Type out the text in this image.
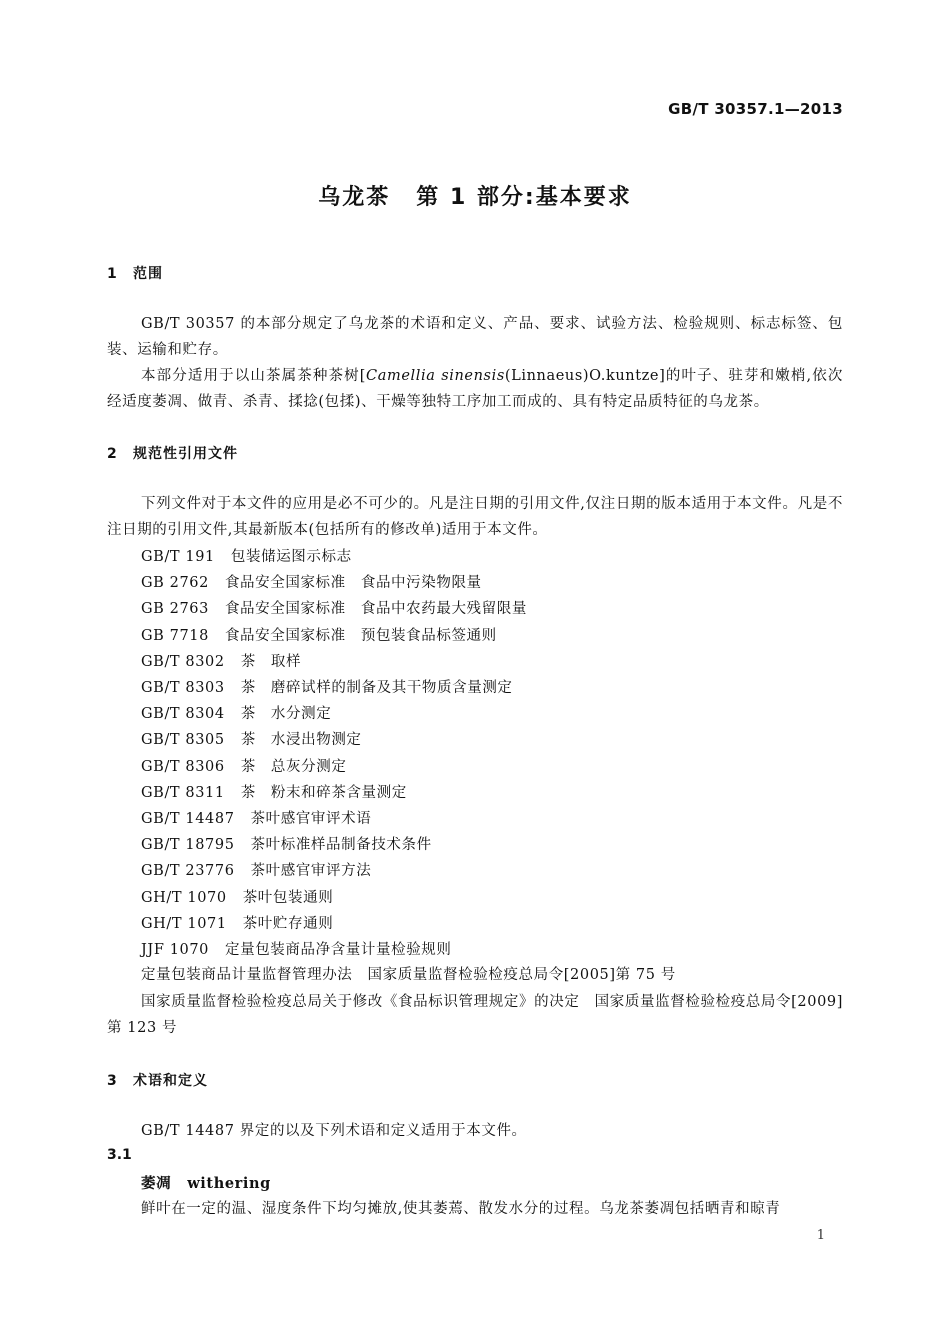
GB/T 30357.1—2013
乌龙茶 第 1 部分:基本要求
1 范围
GB/T 30357 的本部分规定了乌龙茶的术语和定义、产品、要求、试验方法、检验规则、标志标签、包装、运输和贮存。
本部分适用于以山茶属茶种茶树[Camellia sinensis(Linnaeus)O.kuntze]的叶子、驻芽和嫩梢,依次经适度萎凋、做青、杀青、揉捻(包揉)、干燥等独特工序加工而成的、具有特定品质特征的乌龙茶。
2 规范性引用文件
下列文件对于本文件的应用是必不可少的。凡是注日期的引用文件,仅注日期的版本适用于本文件。凡是不注日期的引用文件,其最新版本(包括所有的修改单)适用于本文件。
GB/T 191 包装储运图示标志
GB 2762 食品安全国家标准　食品中污染物限量
GB 2763 食品安全国家标准　食品中农药最大残留限量
GB 7718 食品安全国家标准　预包装食品标签通则
GB/T 8302 茶　取样
GB/T 8303 茶　磨碎试样的制备及其干物质含量测定
GB/T 8304 茶　水分测定
GB/T 8305 茶　水浸出物测定
GB/T 8306 茶　总灰分测定
GB/T 8311 茶　粉末和碎茶含量测定
GB/T 14487 茶叶感官审评术语
GB/T 18795 茶叶标准样品制备技术条件
GB/T 23776 茶叶感官审评方法
GH/T 1070 茶叶包装通则
GH/T 1071 茶叶贮存通则
JJF 1070 定量包装商品净含量计量检验规则
定量包装商品计量监督管理办法　国家质量监督检验检疫总局令[2005]第 75 号
国家质量监督检验检疫总局关于修改《食品标识管理规定》的决定　国家质量监督检验检疫总局令[2009]第 123 号
3 术语和定义
GB/T 14487 界定的以及下列术语和定义适用于本文件。
3.1
萎凋 withering
鲜叶在一定的温、湿度条件下均匀摊放,使其萎蔫、散发水分的过程。乌龙茶萎凋包括晒青和晾青
1
